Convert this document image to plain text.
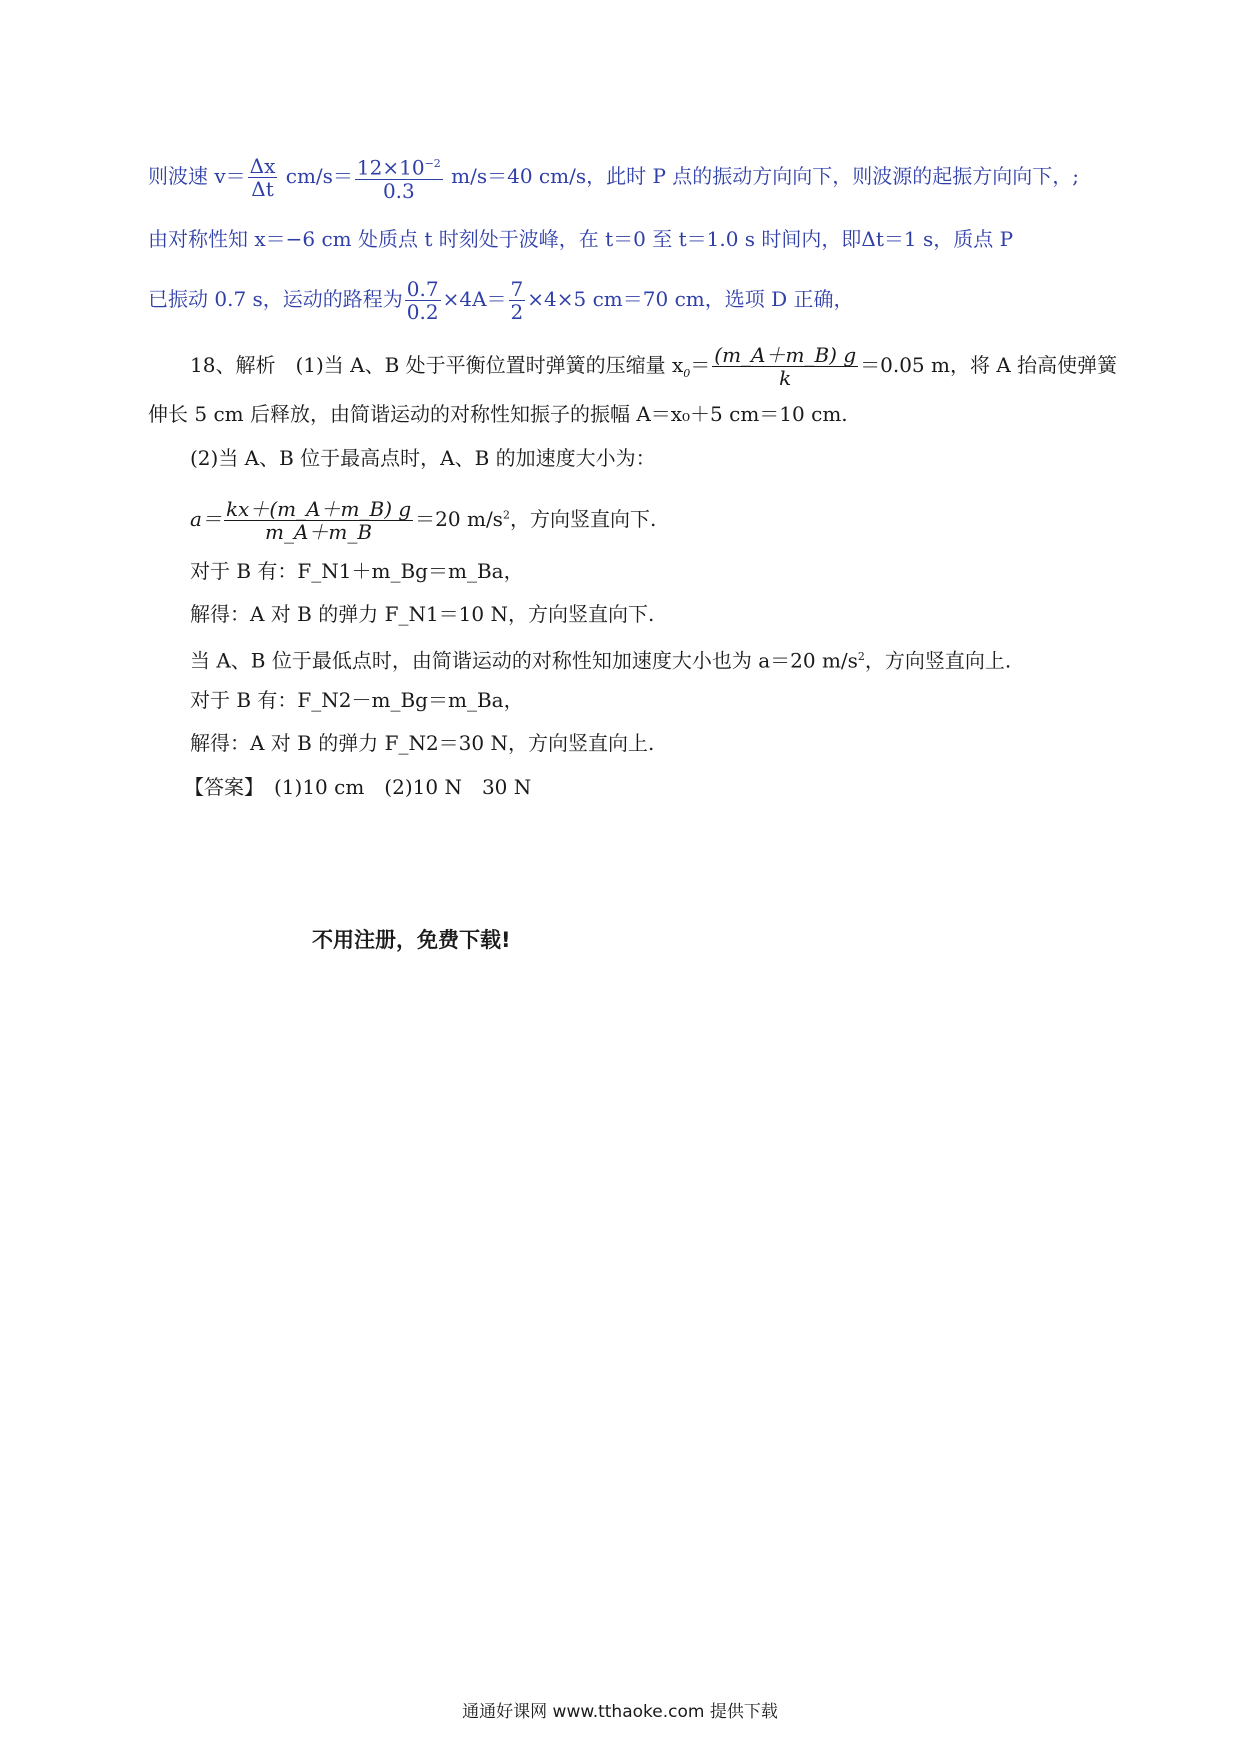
则波速 $v= \frac{\Delta x}{\Delta t} cm/s= \frac{12\times 10^{-2}}{0.3} m/s=40$ cm/s，此时 P 点的振动方向向下，则波源的起振方向向下，;
由对称性知 x＝−6 cm 处质点 t 时刻处于波峰，在 t＝0 至 t＝1.0 s 时间内，即Δt＝1 s，质点 P
已振动 0.7 s，运动的路程为 $\frac{0.7}{0.2} \times 4A= \frac{7}{2} \times 4\times 5$ cm＝70 cm，选项 D 正确，
18、解析　(1)当 A、B 处于平衡位置时弹簧的压缩量 $x_0= \frac{(m\_A+m\_B) g}{k} =0.05$ m，将 A 抬高使弹簧
伸长 5 cm 后释放，由简谐运动的对称性知振子的振幅 A＝x₀＋5 cm＝10 cm.
(2)当 A、B 位于最高点时，A、B 的加速度大小为：
$a= \frac{kx+(m\_A+m\_B) g}{m\_A+m\_B} =20$ $m/s^2$，方向竖直向下.
对于 B 有：F_N1＋m_Bg＝m_Ba，
解得：A 对 B 的弹力 F_N1＝10 N，方向竖直向下.
当 A、B 位于最低点时，由简谐运动的对称性知加速度大小也为 a＝20 $m/s^2$，方向竖直向上.
对于 B 有：F_N2－m_Bg＝m_Ba，
解得：A 对 B 的弹力 F_N2＝30 N，方向竖直向上.
【答案】　(1)10 cm　(2)10 N　30 N
不用注册，免费下载!
通通好课网 www.tthaoke.com 提供下载
